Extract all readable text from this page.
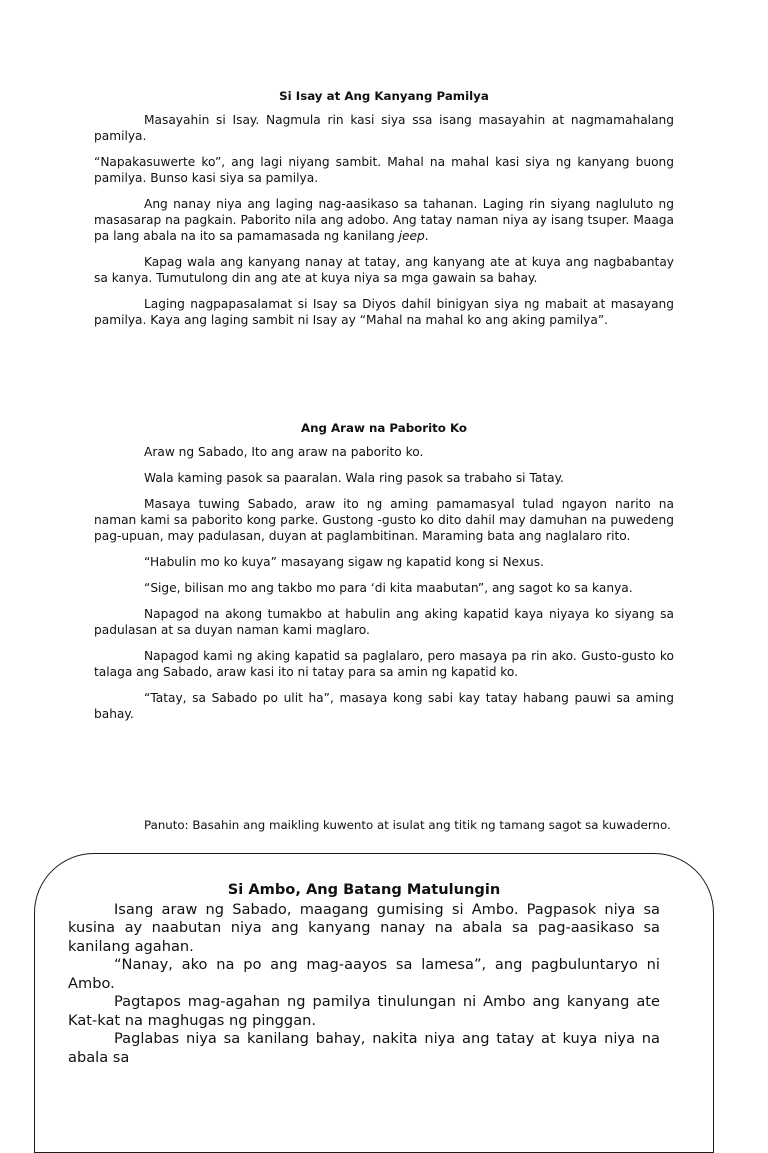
Si Isay at Ang Kanyang Pamilya

Masayahin si Isay. Nagmula rin kasi siya ssa isang masayahin at nagmamahalang pamilya.

“Napakasuwerte ko”, ang lagi niyang sambit. Mahal na mahal kasi siya ng kanyang buong pamilya. Bunso kasi siya sa pamilya.

Ang nanay niya ang laging nag-aasikaso sa tahanan. Laging rin siyang nagluluto ng masasarap na pagkain. Paborito nila ang adobo. Ang tatay naman niya ay isang tsuper. Maaga pa lang abala na ito sa pamamasada ng kanilang jeep.

Kapag wala ang kanyang nanay at tatay, ang kanyang ate at kuya ang nagbabantay sa kanya. Tumutulong din ang ate at kuya niya sa mga gawain sa bahay.

Laging nagpapasalamat si Isay sa Diyos dahil binigyan siya ng mabait at masayang pamilya. Kaya ang laging sambit ni Isay ay “Mahal na mahal ko ang aking pamilya”.

Ang Araw na Paborito Ko

Araw ng Sabado, Ito ang araw na paborito ko.

Wala kaming pasok sa paaralan. Wala ring pasok sa trabaho si Tatay.

Masaya tuwing Sabado, araw ito ng aming pamamasyal tulad ngayon narito na naman kami sa paborito kong parke. Gustong -gusto ko dito dahil may damuhan na puwedeng pag-upuan, may padulasan, duyan at paglambitinan. Maraming bata ang naglalaro rito.

“Habulin mo ko kuya” masayang sigaw ng kapatid kong si Nexus.

“Sige, bilisan mo ang takbo mo para ‘di kita maabutan”, ang sagot ko sa kanya.

Napagod na akong tumakbo at habulin ang aking kapatid kaya niyaya ko siyang sa padulasan at sa duyan naman kami maglaro.

Napagod kami ng aking kapatid sa paglalaro, pero masaya pa rin ako. Gusto-gusto ko talaga ang Sabado, araw kasi ito ni tatay para sa amin ng kapatid ko.

“Tatay, sa Sabado po ulit ha”, masaya kong sabi kay tatay habang pauwi sa aming bahay.

Panuto: Basahin ang maikling kuwento at isulat ang titik ng tamang sagot sa kuwaderno.
Si Ambo, Ang Batang Matulungin

Isang araw ng Sabado, maagang gumising si Ambo. Pagpasok niya sa kusina ay naabutan niya ang kanyang nanay na abala sa pag-aasikaso sa kanilang agahan.

“Nanay, ako na po ang mag-aayos sa lamesa”, ang pagbuluntaryo ni Ambo.

Pagtapos mag-agahan ng pamilya tinulungan ni Ambo ang kanyang ate Kat-kat na maghugas ng pinggan.

Paglabas niya sa kanilang bahay, nakita niya ang tatay at kuya niya na abala sa
